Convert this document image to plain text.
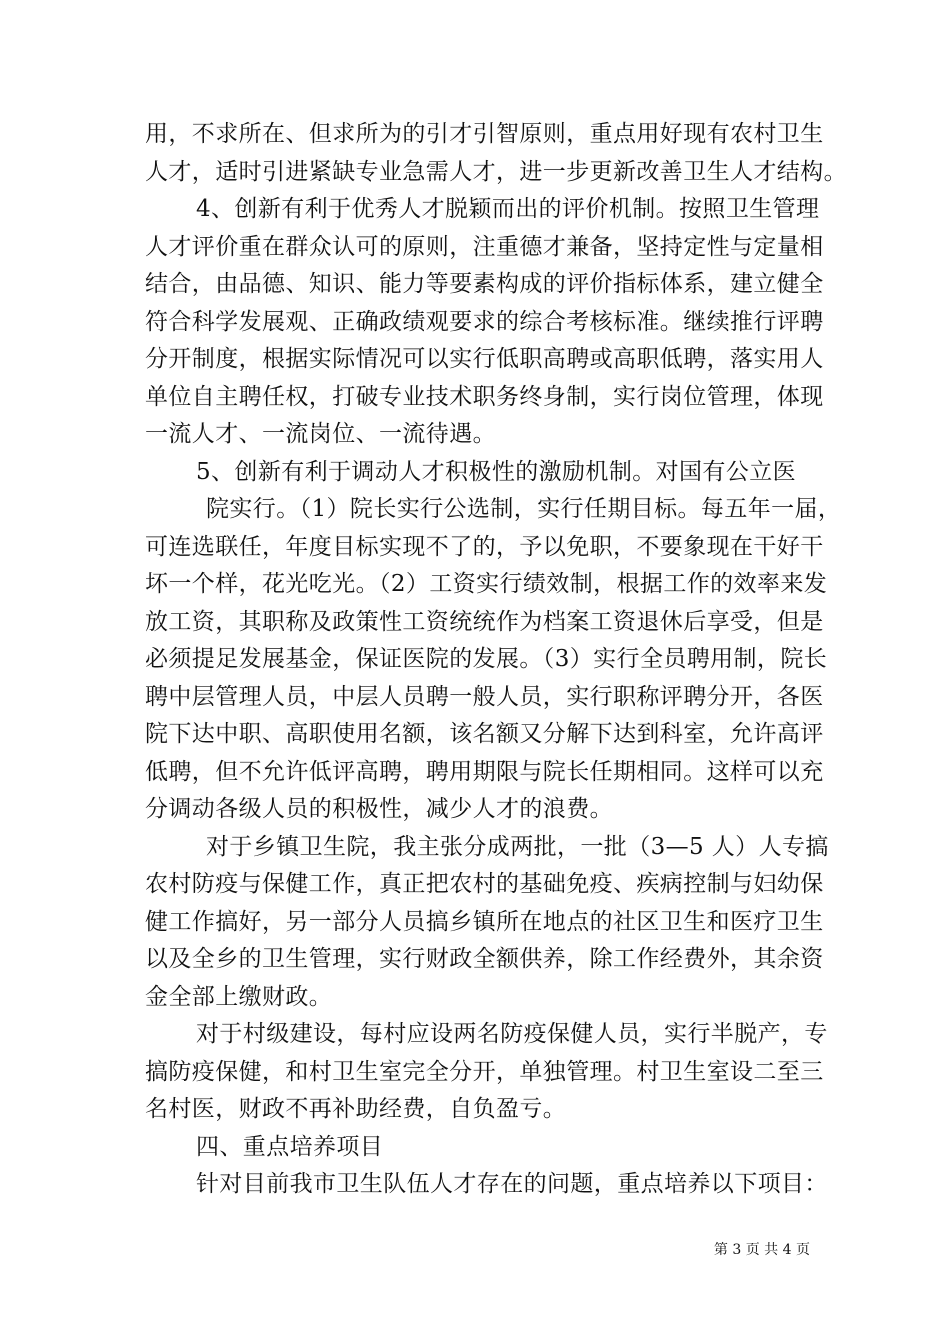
用，不求所在、但求所为的引才引智原则，重点用好现有农村卫生
人才，适时引进紧缺专业急需人才，进一步更新改善卫生人才结构。
4、创新有利于优秀人才脱颖而出的评价机制。按照卫生管理
人才评价重在群众认可的原则，注重德才兼备，坚持定性与定量相
结合，由品德、知识、能力等要素构成的评价指标体系，建立健全
符合科学发展观、正确政绩观要求的综合考核标准。继续推行评聘
分开制度，根据实际情况可以实行低职高聘或高职低聘，落实用人
单位自主聘任权，打破专业技术职务终身制，实行岗位管理，体现
一流人才、一流岗位、一流待遇。
5、创新有利于调动人才积极性的激励机制。对国有公立医
院实行。（1）院长实行公选制，实行任期目标。每五年一届，
可连选联任，年度目标实现不了的，予以免职，不要象现在干好干
坏一个样，花光吃光。（2）工资实行绩效制，根据工作的效率来发
放工资，其职称及政策性工资统统作为档案工资退休后享受，但是
必须提足发展基金，保证医院的发展。（3）实行全员聘用制，院长
聘中层管理人员，中层人员聘一般人员，实行职称评聘分开，各医
院下达中职、高职使用名额，该名额又分解下达到科室，允许高评
低聘，但不允许低评高聘，聘用期限与院长任期相同。这样可以充
分调动各级人员的积极性，减少人才的浪费。
对于乡镇卫生院，我主张分成两批，一批（3—5 人）人专搞
农村防疫与保健工作，真正把农村的基础免疫、疾病控制与妇幼保
健工作搞好，另一部分人员搞乡镇所在地点的社区卫生和医疗卫生
以及全乡的卫生管理，实行财政全额供养，除工作经费外，其余资
金全部上缴财政。
对于村级建设，每村应设两名防疫保健人员，实行半脱产，专
搞防疫保健，和村卫生室完全分开，单独管理。村卫生室设二至三
名村医，财政不再补助经费，自负盈亏。
四、重点培养项目
针对目前我市卫生队伍人才存在的问题，重点培养以下项目：
第 3 页 共 4 页
